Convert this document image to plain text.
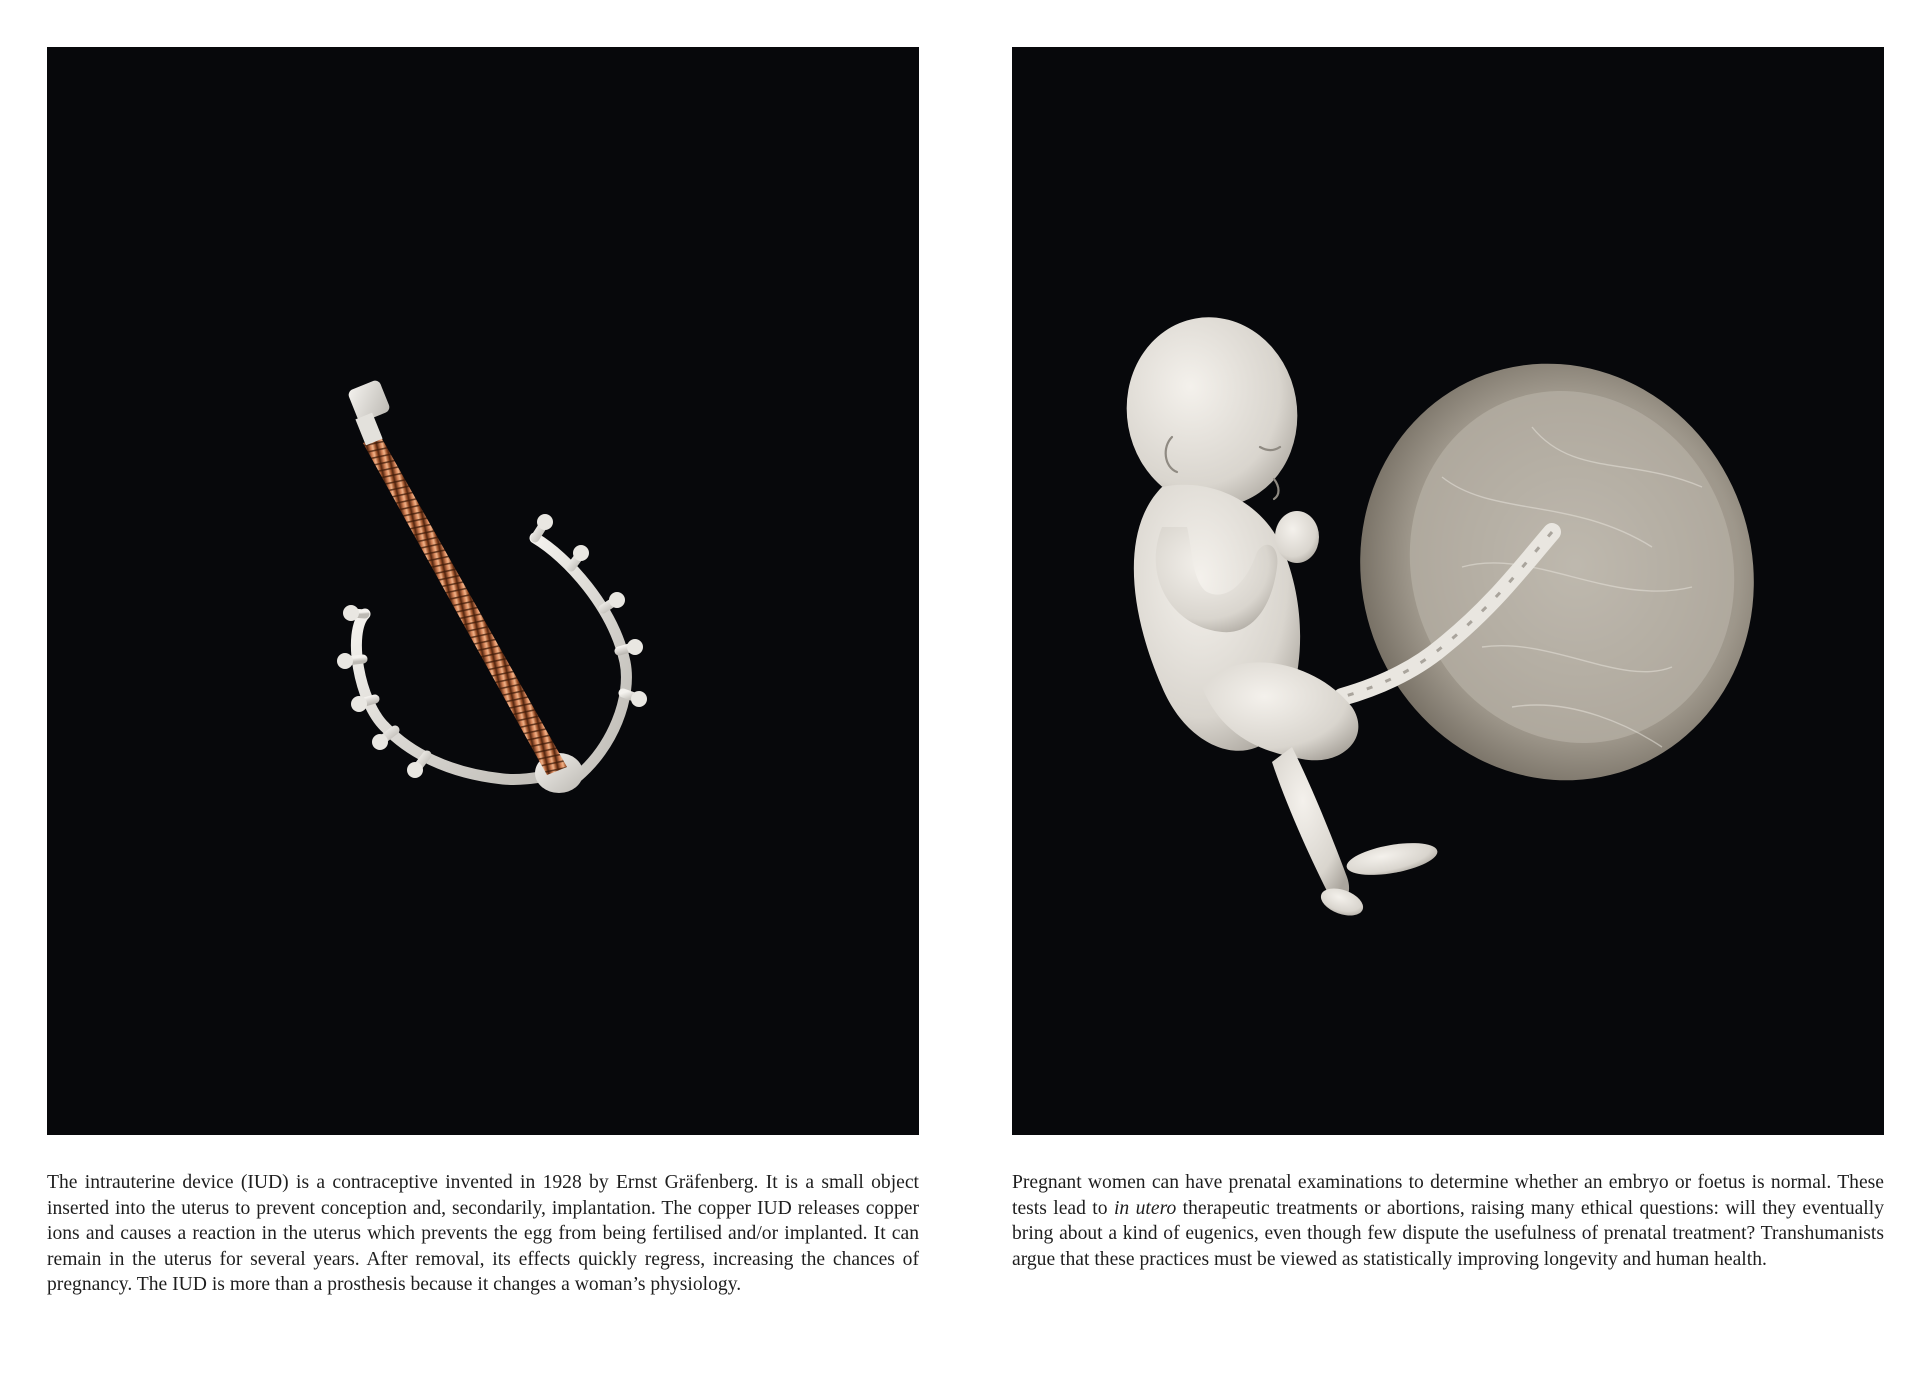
The intrauterine device (IUD) is a contraceptive invented in 1928 by Ernst Gräfenberg. It is a small object inserted into the uterus to prevent conception and, secondarily, implantation. The copper IUD releases copper ions and causes a reaction in the uterus which prevents the egg from being fertilised and/or implanted. It can remain in the uterus for several years. After removal, its effects quickly regress, increasing the chances of pregnancy. The IUD is more than a prosthesis because it changes a woman’s physiology.

Pregnant women can have prenatal examinations to determine whether an embryo or foetus is normal. These tests lead to in utero therapeutic treatments or abortions, raising many ethical questions: will they eventually bring about a kind of eugenics, even though few dispute the usefulness of prenatal treatment? Transhumanists argue that these practices must be viewed as statistically improving longevity and human health.
